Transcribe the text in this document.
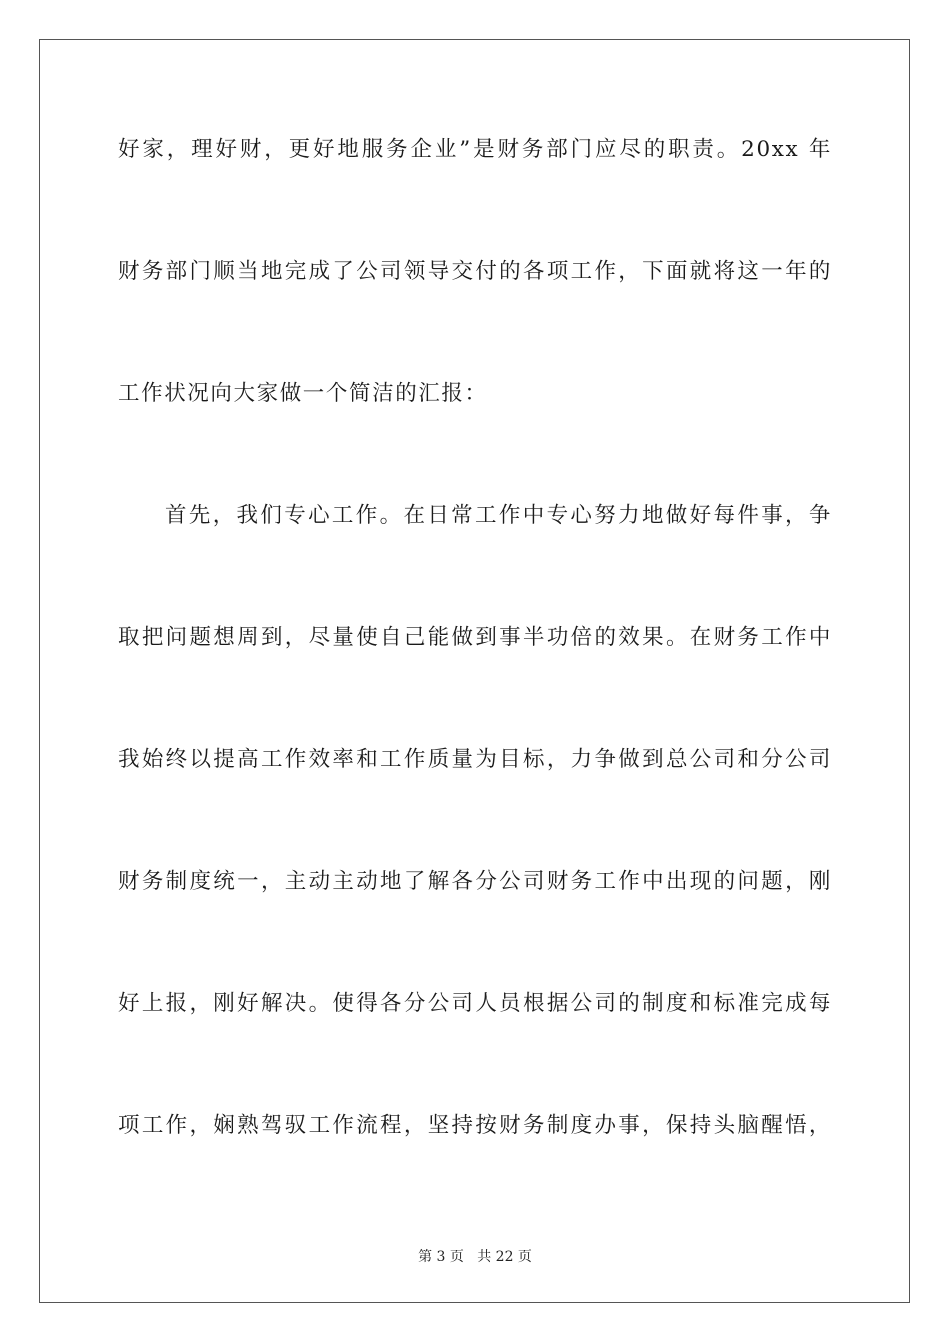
好家，理好财，更好地服务企业”是财务部门应尽的职责。20xx 年
财务部门顺当地完成了公司领导交付的各项工作，下面就将这一年的
工作状况向大家做一个简洁的汇报：
首先，我们专心工作。在日常工作中专心努力地做好每件事，争
取把问题想周到，尽量使自己能做到事半功倍的效果。在财务工作中
我始终以提高工作效率和工作质量为目标，力争做到总公司和分公司
财务制度统一，主动主动地了解各分公司财务工作中出现的问题，刚
好上报，刚好解决。使得各分公司人员根据公司的制度和标准完成每
项工作，娴熟驾驭工作流程，坚持按财务制度办事，保持头脑醒悟，
第 3 页   共 22 页
